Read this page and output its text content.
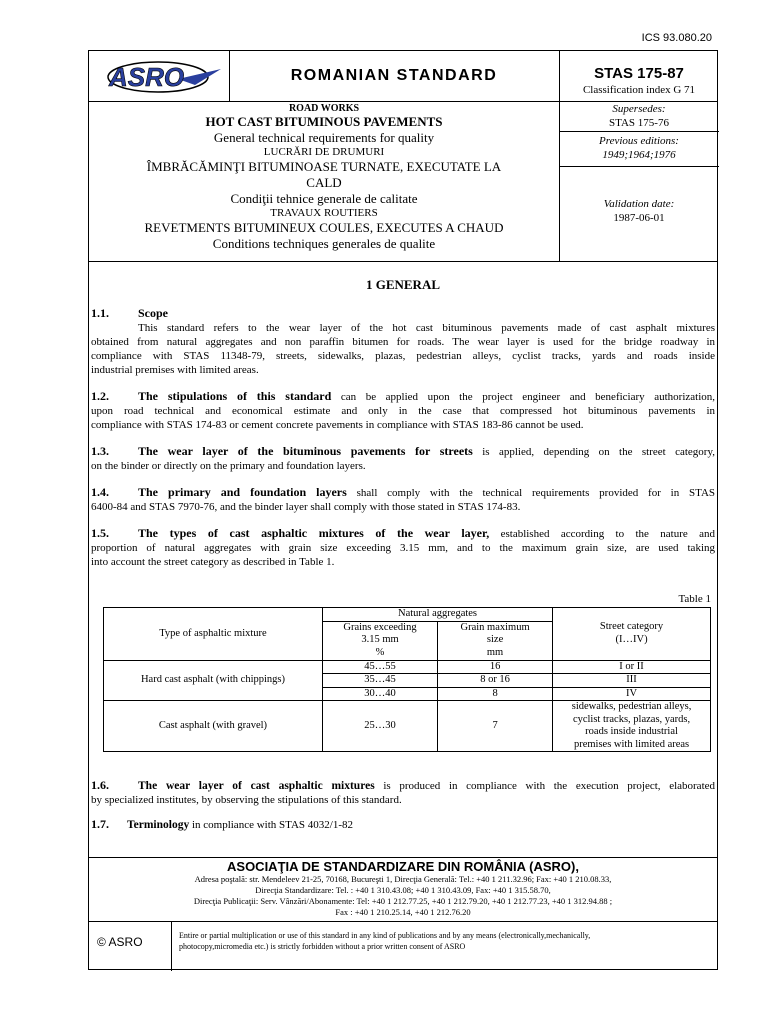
ICS 93.080.20
ASRO	ROMANIAN STANDARD	STAS 175-87
Classification index G 71
Supersedes:
STAS 175-76
Previous editions:
1949;1964;1976
Validation date:
1987-06-01
ROAD WORKS
HOT CAST BITUMINOUS PAVEMENTS
General technical requirements for quality
LUCRĂRI DE DRUMURI
ÎMBRĂCĂMINŢI BITUMINOASE TURNATE, EXECUTATE LA
CALD
Condiţii tehnice generale de calitate
TRAVAUX ROUTIERS
REVETMENTS BITUMINEUX COULES, EXECUTES A CHAUD
Conditions techniques generales de qualite
1 GENERAL
1.1. Scope
This standard refers to the wear layer of the hot cast bituminous pavements made of cast asphalt mixtures
obtained from natural aggregates and non paraffin bitumen for roads. The wear layer is used for the bridge roadway in
compliance with STAS 11348-79, streets, sidewalks, plazas, pedestrian alleys, cyclist tracks, yards and roads inside
industrial premises with limited areas.
1.2. The stipulations of this standard can be applied upon the project engineer and beneficiary authorization,
upon road technical and economical estimate and only in the case that compressed hot bituminous pavements in
compliance with STAS 174-83 or cement concrete pavements in compliance with STAS 183-86 cannot be used.
1.3. The wear layer of the bituminous pavements for streets is applied, depending on the street category,
on the binder or directly on the primary and foundation layers.
1.4. The primary and foundation layers shall comply with the technical requirements provided for in STAS
6400-84 and STAS 7970-76, and the binder layer shall comply with those stated in STAS 174-83.
1.5. The types of cast asphaltic mixtures of the wear layer, established according to the nature and
proportion of natural aggregates with grain size exceeding 3.15 mm, and to the maximum grain size, are used taking
into account the street category as described in Table 1.
Table 1
Type of asphaltic mixture	Natural aggregates		Street category
(I…IV)
	Grains exceeding
3.15 mm
%	Grain maximum
size
mm	
Hard cast asphalt (with chippings)	45…55	16	I or II
	35…45	8 or 16	III
	30…40	8	IV
Cast asphalt (with gravel)	25…30	7	sidewalks, pedestrian alleys,
cyclist tracks, plazas, yards,
roads inside industrial
premises with limited areas
1.6.	The wear layer of cast asphaltic mixtures is produced in compliance with the execution project, elaborated
by specialized institutes, by observing the stipulations of this standard.
1.7. Terminology in compliance with STAS 4032/1-82
ASOCIAŢIA DE STANDARDIZARE DIN ROMÂNIA (ASRO),
Adresa poştală: str. Mendeleev 21-25, 70168, Bucureşti 1, Direcţia Generală: Tel.: +40 1 211.32.96; Fax: +40 1 210.08.33,
Direcţia Standardizare: Tel. : +40 1 310.43.08; +40 1 310.43.09, Fax: +40 1 315.58.70,
Direcţia Publicaţii: Serv. Vânzări/Abonamente: Tel: +40 1 212.77.25, +40 1 212.79.20, +40 1 212.77.23, +40 1 312.94.88 ;
Fax : +40 1 210.25.14, +40 1 212.76.20
© ASRO	Entire or partial multiplication or use of this standard in any kind of publications and by any means (electronically,mechanically,
photocopy,micromedia etc.) is strictly forbidden without a prior written consent of ASRO
